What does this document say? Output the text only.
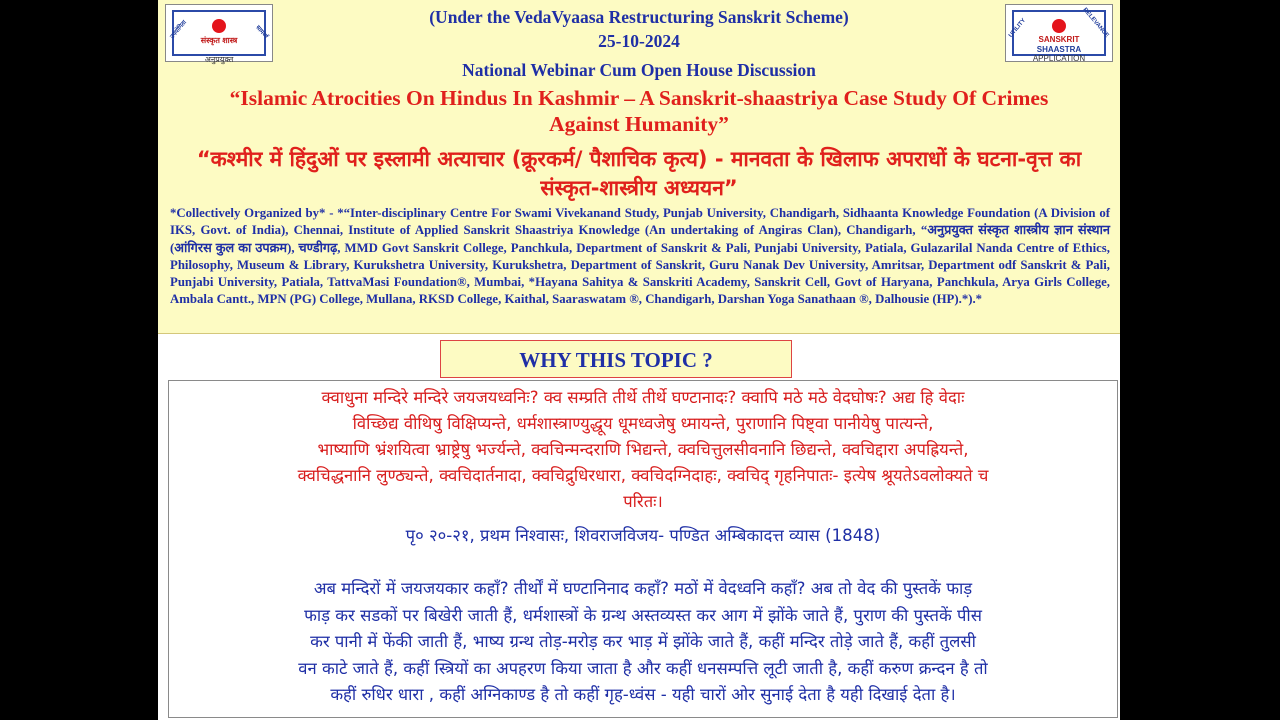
संस्कृत शास्त्र
अनुप्रयुक्त
उपयोगिता	सामर्थ्य	SANSKRIT
SHAASTRA
APPLICATION
UTILITY	RELEVANCE
(Under the VedaVyaasa Restructuring Sanskrit Scheme)
25-10-2024
National Webinar Cum Open House Discussion
“Islamic Atrocities On Hindus In Kashmir – A Sanskrit-shaastriya Case Study Of Crimes Against Humanity”
“कश्मीर में हिंदुओं पर इस्लामी अत्याचार (क्रूरकर्म/ पैशाचिक कृत्य) - मानवता के खिलाफ अपराधों के घटना-वृत्त का संस्कृत-शास्त्रीय अध्ययन”
*Collectively Organized by* - *“Inter-disciplinary Centre For Swami Vivekanand Study, Punjab University, Chandigarh, Sidhaanta Knowledge Foundation (A Division of IKS, Govt. of India), Chennai, Institute of Applied Sanskrit Shaastriya Knowledge (An undertaking of Angiras Clan), Chandigarh, “अनुप्रयुक्त संस्कृत शास्त्रीय ज्ञान संस्थान (आंगिरस कुल का उपक्रम), चण्डीगढ़, MMD Govt Sanskrit College, Panchkula, Department of Sanskrit & Pali, Punjabi University, Patiala, Gulazarilal Nanda Centre of Ethics, Philosophy, Museum & Library, Kurukshetra University, Kurukshetra, Department of Sanskrit, Guru Nanak Dev University, Amritsar, Department odf Sanskrit & Pali, Punjabi University, Patiala, TattvaMasi Foundation®, Mumbai, *Hayana Sahitya & Sanskriti Academy, Sanskrit Cell, Govt of Haryana, Panchkula, Arya Girls College, Ambala Cantt., MPN (PG) College, Mullana, RKSD College, Kaithal, Saaraswatam ®, Chandigarh, Darshan Yoga Sanathaan ®, Dalhousie (HP).*).*
WHY THIS TOPIC ?
क्वाधुना मन्दिरे मन्दिरे जयजयध्वनिः? क्व सम्प्रति तीर्थे तीर्थे घण्टानादः? क्वापि मठे मठे वेदघोषः? अद्य हि वेदाः
विच्छिद्य वीथिषु विक्षिप्यन्ते, धर्मशास्त्राण्युद्धूय धूमध्वजेषु ध्मायन्ते, पुराणानि पिष्ट्वा पानीयेषु पात्यन्ते,
भाष्याणि भ्रंशयित्वा भ्राष्ट्रेषु भर्ज्यन्ते, क्वचिन्मन्दराणि भिद्यन्ते, क्वचित्तुलसीवनानि छिद्यन्ते, क्वचिद्दारा अपह्रियन्ते,
क्वचिद्धनानि लुण्ठ्यन्ते, क्वचिदार्तनादा, क्वचिद्रुधिरधारा, क्वचिदग्निदाहः, क्वचिद् गृहनिपातः- इत्येष श्रूयतेऽवलोक्यते च
परितः।
पृ० २०-२१, प्रथम निश्वासः, शिवराजविजय- पण्डित अम्बिकादत्त व्यास (1848)
अब मन्दिरों में जयजयकार कहाँ? तीर्थों में घण्टानिनाद कहाँ? मठों में वेदध्वनि कहाँ? अब तो वेद की पुस्तकें फाड़
फाड़ कर सडकों पर बिखेरी जाती हैं, धर्मशास्त्रों के ग्रन्थ अस्तव्यस्त कर आग में झोंके जाते हैं, पुराण की पुस्तकें पीस
कर पानी में फेंकी जाती हैं, भाष्य ग्रन्थ तोड़-मरोड़ कर भाड़ में झोंके जाते हैं, कहीं मन्दिर तोड़े जाते हैं, कहीं तुलसी
वन काटे जाते हैं, कहीं स्त्रियों का अपहरण किया जाता है और कहीं धनसम्पत्ति लूटी जाती है, कहीं करुण क्रन्दन है तो
कहीं रुधिर धारा , कहीं अग्निकाण्ड है तो कहीं गृह-ध्वंस - यही चारों ओर सुनाई देता है यही दिखाई देता है।
